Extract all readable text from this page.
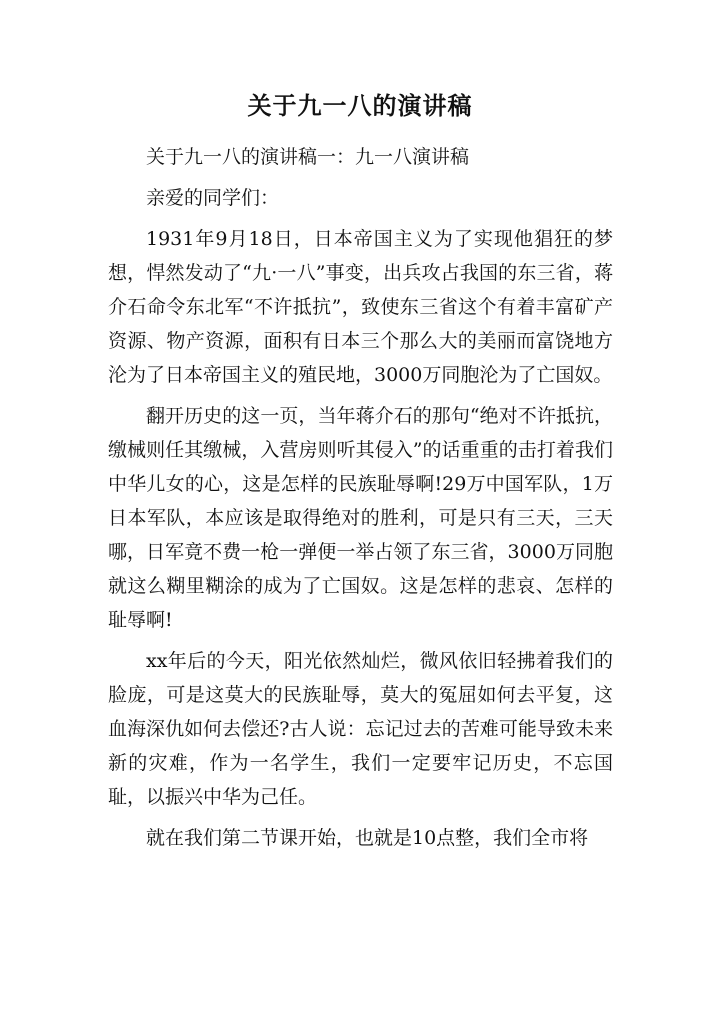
关于九一八的演讲稿

关于九一八的演讲稿一：九一八演讲稿

亲爱的同学们：

1931年9月18日，日本帝国主义为了实现他猖狂的梦想，悍然发动了“九·一八”事变，出兵攻占我国的东三省，蒋介石命令东北军“不许抵抗”，致使东三省这个有着丰富矿产资源、物产资源，面积有日本三个那么大的美丽而富饶地方沦为了日本帝国主义的殖民地，3000万同胞沦为了亡国奴。

翻开历史的这一页，当年蒋介石的那句“绝对不许抵抗，缴械则任其缴械，入营房则听其侵入”的话重重的击打着我们中华儿女的心，这是怎样的民族耻辱啊!29万中国军队，1万日本军队，本应该是取得绝对的胜利，可是只有三天，三天哪，日军竟不费一枪一弹便一举占领了东三省，3000万同胞就这么糊里糊涂的成为了亡国奴。这是怎样的悲哀、怎样的耻辱啊!

xx年后的今天，阳光依然灿烂，微风依旧轻拂着我们的脸庞，可是这莫大的民族耻辱，莫大的冤屈如何去平复，这血海深仇如何去偿还?古人说：忘记过去的苦难可能导致未来新的灾难，作为一名学生，我们一定要牢记历史，不忘国耻，以振兴中华为己任。

就在我们第二节课开始，也就是10点整，我们全市将
